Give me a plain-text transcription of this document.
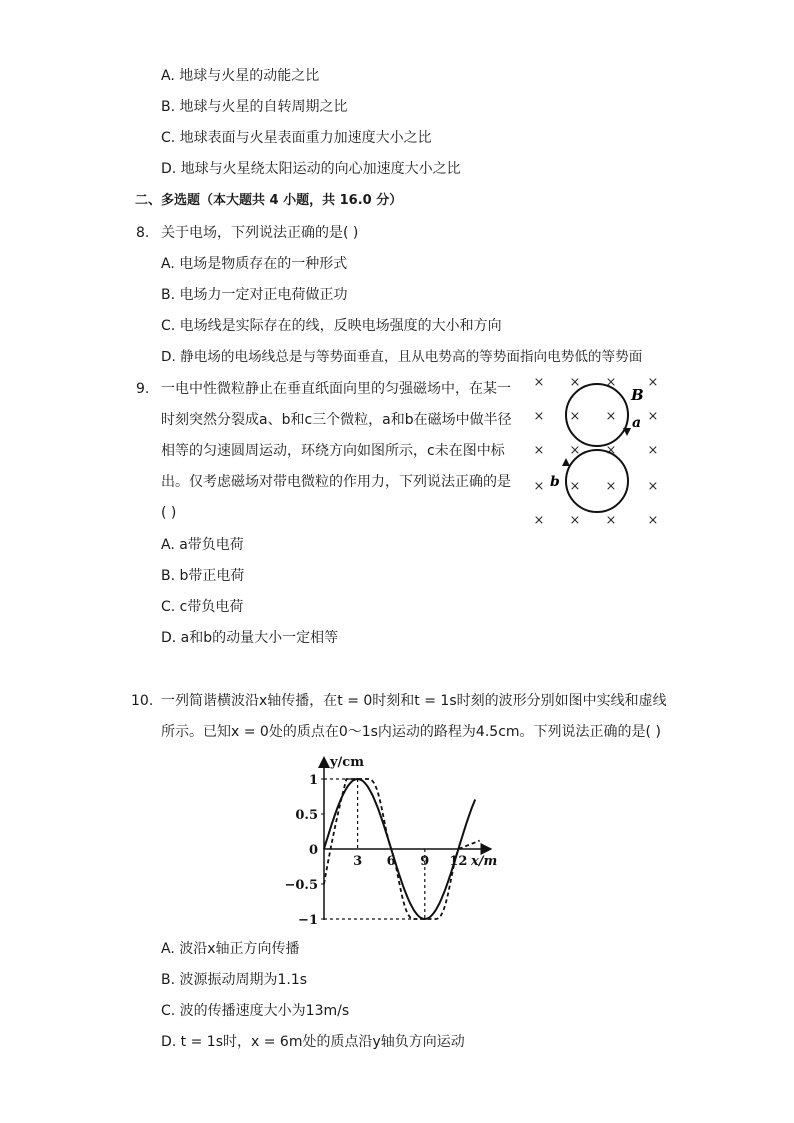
A. 地球与火星的动能之比
B. 地球与火星的自转周期之比
C. 地球表面与火星表面重力加速度大小之比
D. 地球与火星绕太阳运动的向心加速度大小之比
二、多选题（本大题共 4 小题，共 16.0 分）
8. 关于电场，下列说法正确的是( )
A. 电场是物质存在的一种形式
B. 电场力一定对正电荷做正功
C. 电场线是实际存在的线，反映电场强度的大小和方向
D. 静电场的电场线总是与等势面垂直，且从电势高的等势面指向电势低的等势面
9. 一电中性微粒静止在垂直纸面向里的匀强磁场中，在某一
时刻突然分裂成a、b和c三个微粒，a和b在磁场中做半径
相等的匀速圆周运动，环绕方向如图所示，c未在图中标
出。仅考虑磁场对带电微粒的作用力，下列说法正确的是
( )
A. a带负电荷
B. b带正电荷
C. c带负电荷
D. a和b的动量大小一定相等
× × × ×
× × × ×
× × × ×
× × × ×
× × × ×
B
a
b
10. 一列简谐横波沿x轴传播，在t = 0时刻和t = 1s时刻的波形分别如图中实线和虚线
所示。已知x = 0处的质点在0～1s内运动的路程为4.5cm。下列说法正确的是( )
y/cm
x/m
1
0.5
0
−0.5
−1
3 6 9 12
A. 波沿x轴正方向传播
B. 波源振动周期为1.1s
C. 波的传播速度大小为13m/s
D. t = 1s时，x = 6m处的质点沿y轴负方向运动
